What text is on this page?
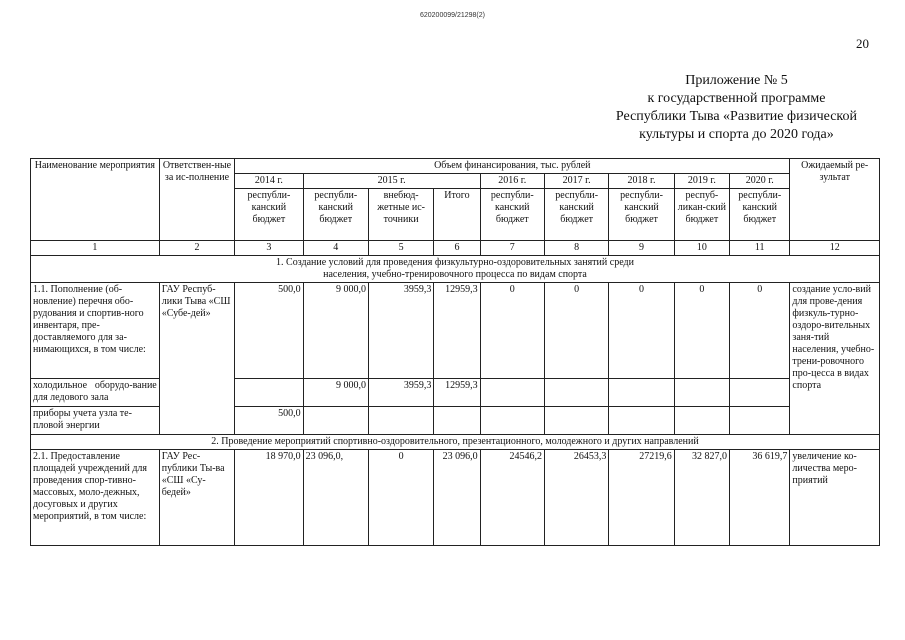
620200099/21298(2)
20
Приложение № 5
к государственной программе
Республики Тыва «Развитие физической
культуры и спорта до 2020 года»
Наименование мероприятия	Ответствен-ные за ис-полнение	Объем финансирования, тыс. рублей									Ожидаемый ре-зультат
		2014 г.	2015 г.			2016 г.	2017 г.	2018 г.	2019 г.	2020 г.	
		республи-канский бюджет	республи-канский бюджет	внебюд-жетные ис-точники	Итого	республи-канский бюджет	республи-канский бюджет	республи-канский бюджет	респуб-ликан-ский бюджет	республи-канский бюджет	
1	2	3	4	5	6	7	8	9	10	11	12
1. Создание условий для проведения физкультурно-оздоровительных занятий среди населения, учебно-тренировочного процесса по видам спорта											
1.1. Пополнение (об-новление) перечня обо-рудования и спортив-ного инвентаря, пре-доставляемого для за-нимающихся, в том числе:	ГАУ Респуб-лики Тыва «СШ «Субе-дей»	500,0	9 000,0	3959,3	12959,3	0	0	0	0	0	создание усло-вий для прове-дения физкуль-турно-оздоро-вительных заня-тий населения, учебно-трени-ровочного про-цесса в видах спорта
холодильное оборудо-вание для ледового зала			9 000,0	3959,3	12959,3						
приборы учета узла те-пловой энергии		500,0									
2. Проведение мероприятий спортивно-оздоровительного, презентационного, молодежного и других направлений											
2.1. Предоставление площадей учреждений для проведения спор-тивно-массовых, моло-дежных, досуговых и других мероприятий, в том числе:	ГАУ Рес-публики Ты-ва «СШ «Су-бедей»	18 970,0	23 096,0,	0	23 096,0	24546,2	26453,3	27219,6	32 827,0	36 619,7	увеличение ко-личества меро-приятий
